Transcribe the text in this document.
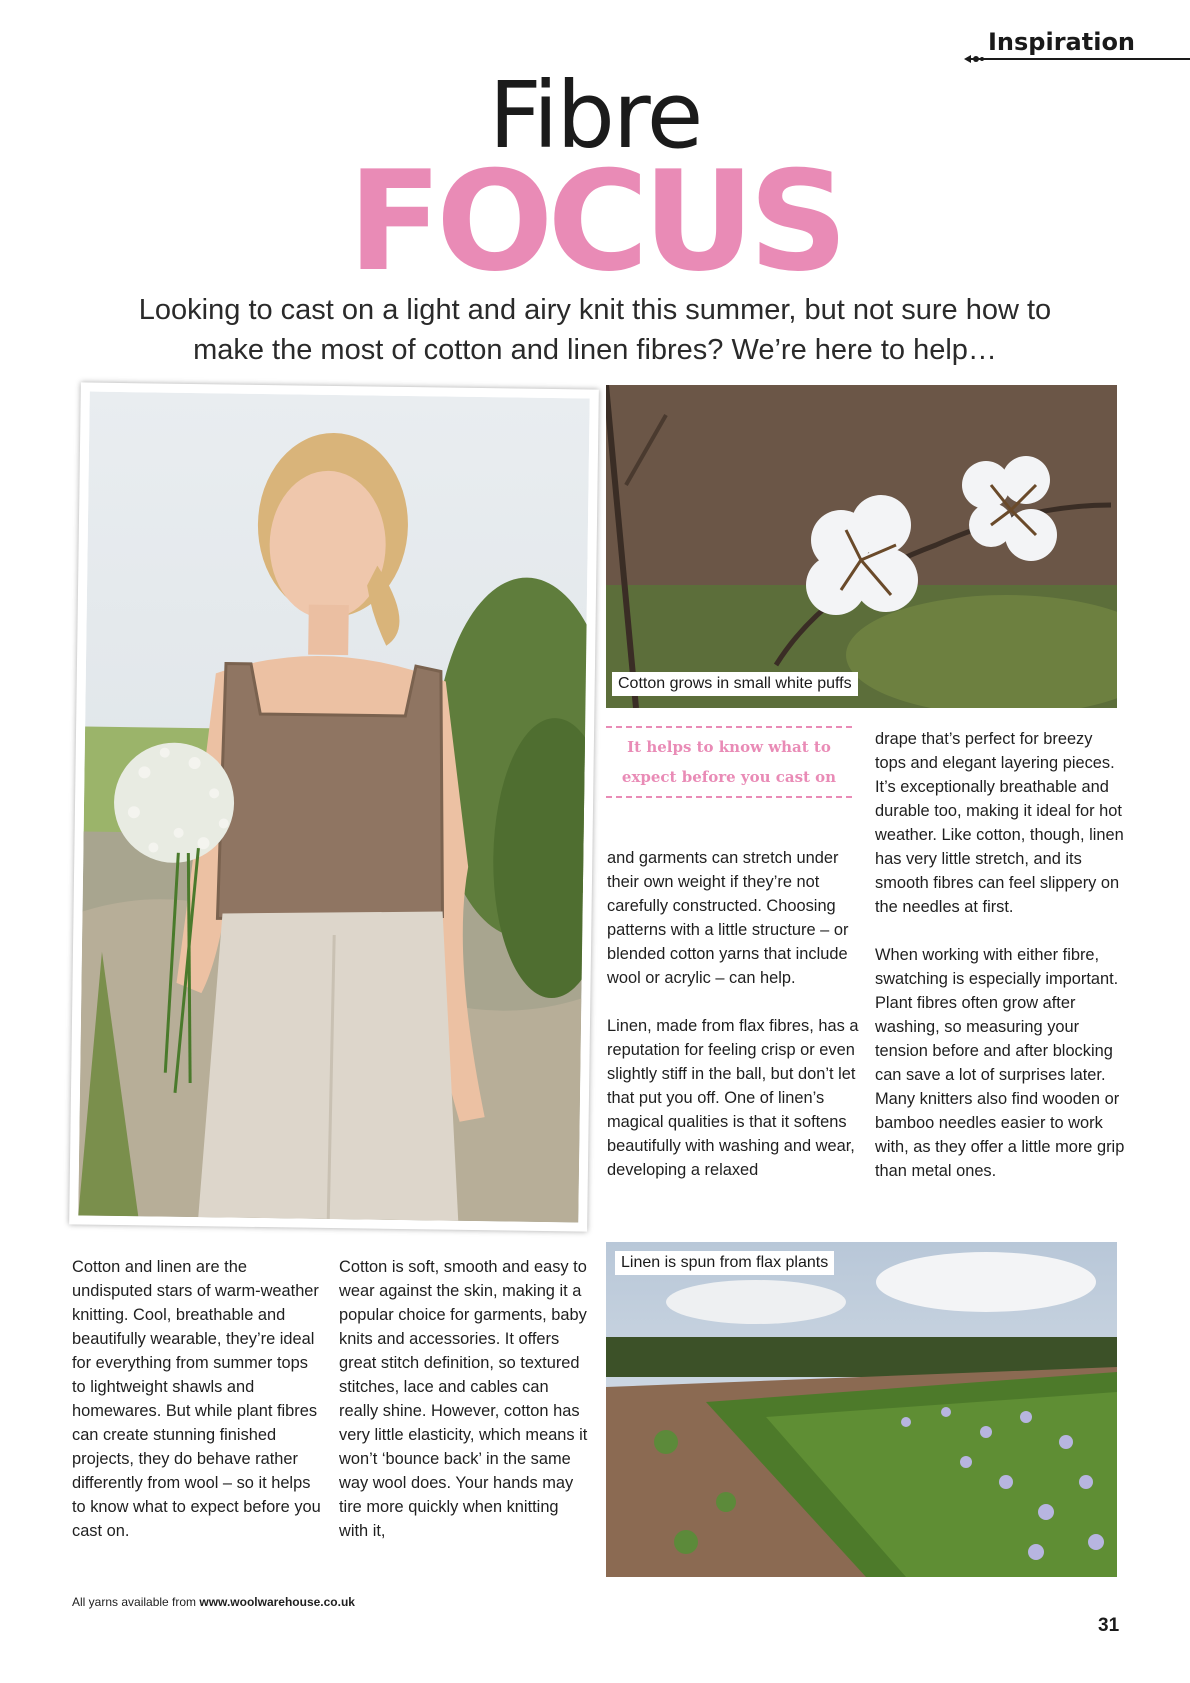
Inspiration
Fibre
FOCUS
Looking to cast on a light and airy knit this summer, but not sure how to make the most of cotton and linen fibres? We’re here to help…
Cotton grows in small white puffs
It helps to know what to expect before you cast on

Cotton and linen are the undisputed stars of warm-weather knitting. Cool, breathable and beautifully wearable, they’re ideal for everything from summer tops to lightweight shawls and homewares. But while plant fibres can create stunning finished projects, they do behave rather differently from wool – so it helps to know what to expect before you cast on.

Cotton is soft, smooth and easy to wear against the skin, making it a popular choice for garments, baby knits and accessories. It offers great stitch definition, so textured stitches, lace and cables can really shine. However, cotton has very little elasticity, which means it won’t ‘bounce back’ in the same way wool does. Your hands may tire more quickly when knitting with it,

and garments can stretch under their own weight if they’re not carefully constructed. Choosing patterns with a little structure – or blended cotton yarns that include wool or acrylic – can help.

Linen, made from flax fibres, has a reputation for feeling crisp or even slightly stiff in the ball, but don’t let that put you off. One of linen’s magical qualities is that it softens beautifully with washing and wear, developing a relaxed

drape that’s perfect for breezy tops and elegant layering pieces. It’s exceptionally breathable and durable too, making it ideal for hot weather. Like cotton, though, linen has very little stretch, and its smooth fibres can feel slippery on the needles at first.

When working with either fibre, swatching is especially important. Plant fibres often grow after washing, so measuring your tension before and after blocking can save a lot of surprises later. Many knitters also find wooden or bamboo needles easier to work with, as they offer a little more grip than metal ones.

Linen is spun from flax plants
All yarns available from www.woolwarehouse.co.uk
31
